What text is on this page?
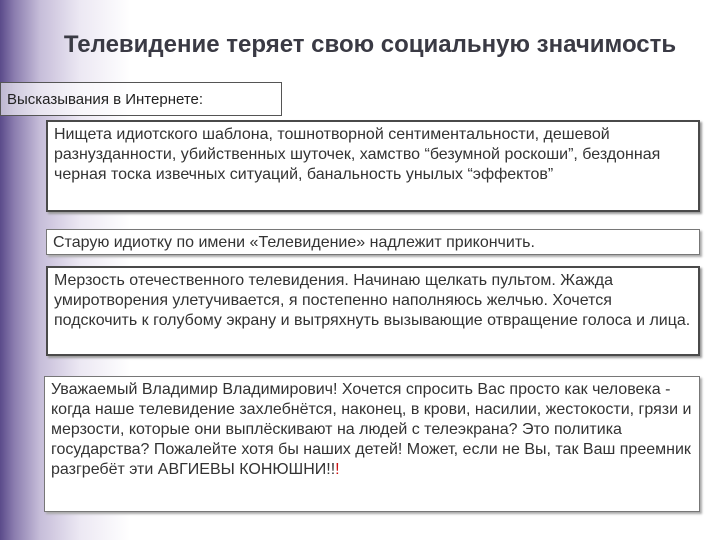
Телевидение теряет свою социальную значимость
Высказывания в Интернете:
Нищета идиотского шаблона, тошнотворной сентиментальности, дешевой разнузданности, убийственных шуточек, хамство “безумной роскоши”, бездонная черная тоска извечных ситуаций, банальность унылых “эффектов”
Старую идиотку по имени «Телевидение» надлежит прикончить.
Мерзость отечественного телевидения. Начинаю щелкать пультом. Жажда умиротворения улетучивается, я постепенно наполняюсь желчью. Хочется подскочить к голубому экрану и вытряхнуть вызывающие отвращение голоса и лица.
Уважаемый Владимир Владимирович! Хочется спросить Вас просто как человека - когда наше телевидение захлебнётся, наконец, в крови, насилии, жестокости, грязи и мерзости, которые они выплёскивают на людей с телеэкрана? Это политика государства? Пожалейте хотя бы наших детей! Может, если не Вы, так Ваш преемник разгребёт эти АВГИЕВЫ КОНЮШНИ!!!
